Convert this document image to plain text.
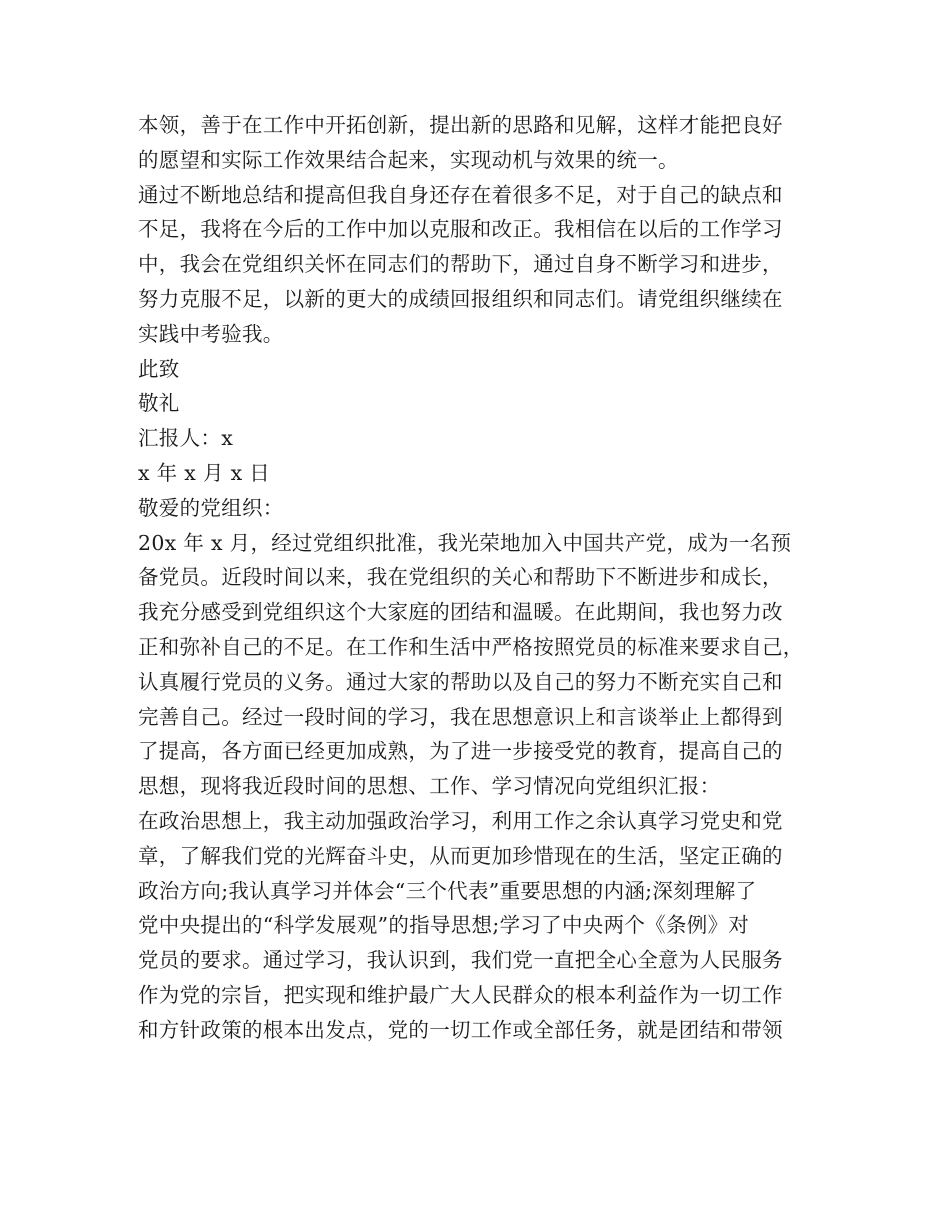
本领，善于在工作中开拓创新，提出新的思路和见解，这样才能把良好
的愿望和实际工作效果结合起来，实现动机与效果的统一。
通过不断地总结和提高但我自身还存在着很多不足，对于自己的缺点和
不足，我将在今后的工作中加以克服和改正。我相信在以后的工作学习
中，我会在党组织关怀在同志们的帮助下，通过自身不断学习和进步，
努力克服不足，以新的更大的成绩回报组织和同志们。请党组织继续在
实践中考验我。
此致
敬礼
汇报人：x
x 年 x 月 x 日
敬爱的党组织：
20x 年 x 月，经过党组织批准，我光荣地加入中国共产党，成为一名预
备党员。近段时间以来，我在党组织的关心和帮助下不断进步和成长，
我充分感受到党组织这个大家庭的团结和温暖。在此期间，我也努力改
正和弥补自己的不足。在工作和生活中严格按照党员的标准来要求自己，
认真履行党员的义务。通过大家的帮助以及自己的努力不断充实自己和
完善自己。经过一段时间的学习，我在思想意识上和言谈举止上都得到
了提高，各方面已经更加成熟，为了进一步接受党的教育，提高自己的
思想，现将我近段时间的思想、工作、学习情况向党组织汇报：
在政治思想上，我主动加强政治学习，利用工作之余认真学习党史和党
章，了解我们党的光辉奋斗史，从而更加珍惜现在的生活，坚定正确的
政治方向;我认真学习并体会“三个代表”重要思想的内涵;深刻理解了
党中央提出的“科学发展观”的指导思想;学习了中央两个《条例》对
党员的要求。通过学习，我认识到，我们党一直把全心全意为人民服务
作为党的宗旨，把实现和维护最广大人民群众的根本利益作为一切工作
和方针政策的根本出发点，党的一切工作或全部任务，就是团结和带领
